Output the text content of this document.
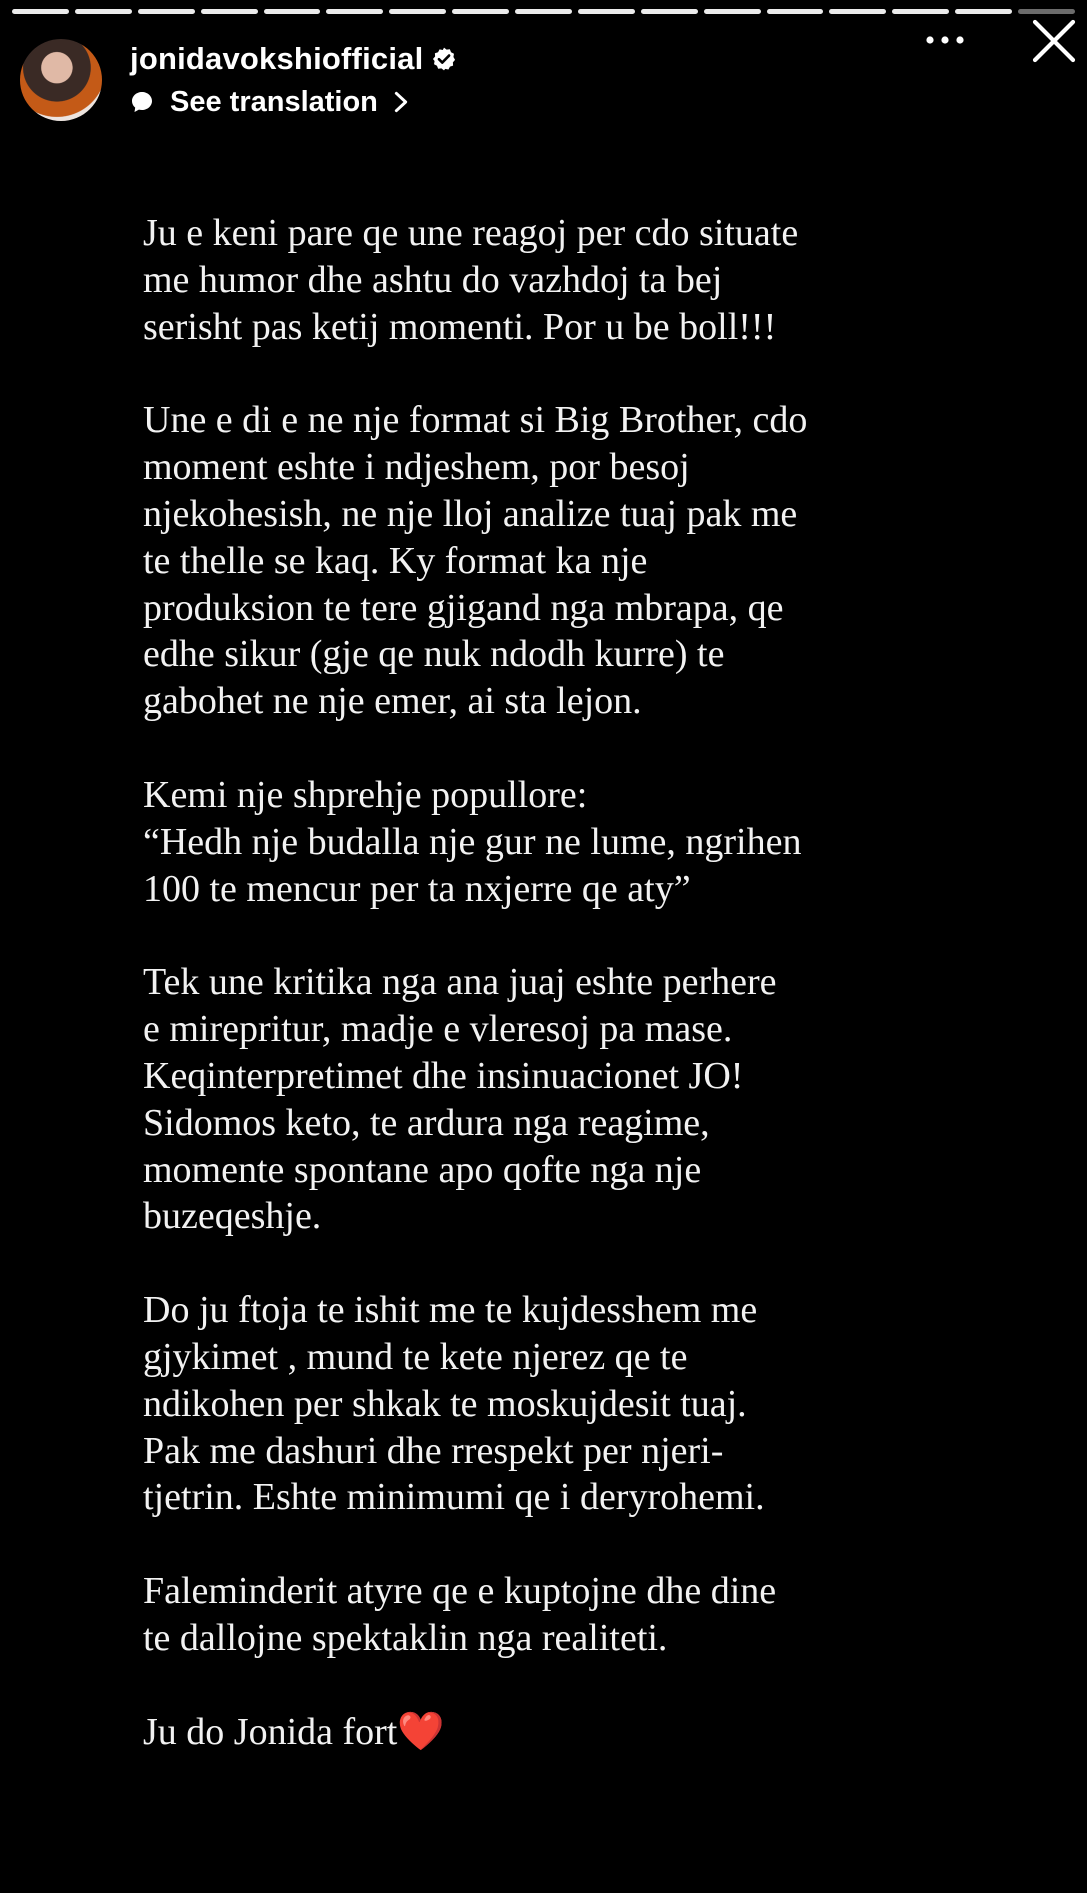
jonidavokshiofficial
See translation

Ju e keni pare qe une reagoj per cdo situate
me humor dhe ashtu do vazhdoj ta bej
serisht pas ketij momenti. Por u be boll!!!

Une e di e ne nje format si Big Brother, cdo
moment eshte i ndjeshem, por besoj
njekohesish, ne nje lloj analize tuaj pak me
te thelle se kaq. Ky format ka nje
produksion te tere gjigand nga mbrapa, qe
edhe sikur (gje qe nuk ndodh kurre) te
gabohet ne nje emer, ai sta lejon.

Kemi nje shprehje popullore:
“Hedh nje budalla nje gur ne lume, ngrihen
100 te mencur per ta nxjerre qe aty”

Tek une kritika nga ana juaj eshte perhere
e mirepritur, madje e vleresoj pa mase.
Keqinterpretimet dhe insinuacionet JO!
Sidomos keto, te ardura nga reagime,
momente spontane apo qofte nga nje
buzeqeshje.

Do ju ftoja te ishit me te kujdesshem me
gjykimet , mund te kete njerez qe te
ndikohen per shkak te moskujdesit tuaj.
Pak me dashuri dhe rrespekt per njeri-
tjetrin. Eshte minimumi qe i deryrohemi.

Faleminderit atyre qe e kuptojne dhe dine
te dallojne spektaklin nga realiteti.

Ju do Jonida fort❤️
